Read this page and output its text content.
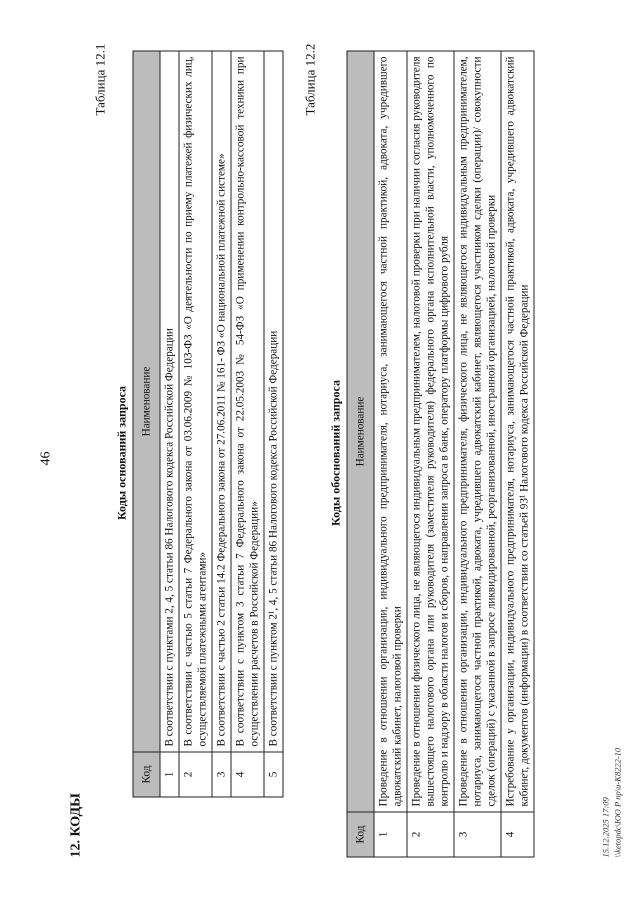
46
12. КОДЫ
Таблица 12.1
Коды оснований запроса
Код	Наименование
1	В соответствии с пунктами 2, 4, 5 статьи 86 Налогового кодекса Российской Федерации
2	В соответствии с частью 5 статьи 7 Федерального закона от 03.06.2009 № 103-ФЗ «О деятельности по приему платежей физических лиц, осуществляемой платежными агентами»
3	В соответствии с частью 2 статьи 14.2 Федерального закона от 27.06.2011 № 161- ФЗ «О национальной платежной системе»
4	В соответствии с пунктом 3 статьи 7 Федерального закона от 22.05.2003 № 54-ФЗ «О применении контрольно-кассовой техники при осуществлении расчетов в Российской Федерации»
5	В соответствии с пунктом 2¹, 4, 5 статьи 86 Налогового кодекса Российской Федерации
Таблица 12.2
Коды обоснований запроса
Код	Наименование
1	Проведение в отношении организации, индивидуального предпринимателя, нотариуса, занимающегося частной практикой, адвоката, учредившего адвокатский кабинет, налоговой проверки
2	Проведение в отношении физического лица, не являющегося индивидуальным предпринимателем, налоговой проверки при наличии согласия руководителя вышестоящего налогового органа или руководителя (заместителя руководителя) федерального органа исполнительной власти, уполномоченного по контролю и надзору в области налогов и сборов, о направлении запроса в банк, оператору платформы цифрового рубля
3	Проведение в отношении организации, индивидуального предпринимателя, физического лица, не являющегося индивидуальным предпринимателем, нотариуса, занимающегося частной практикой, адвоката, учредившего адвокатский кабинет, являющегося участником сделки (операции)/ совокупности сделок (операций) с указанной в запросе ликвидированной, реорганизованной, иностранной организацией, налоговой проверки
4	Истребование у организации, индивидуального предпринимателя, нотариуса, занимающегося частной практикой, адвоката, учредившего адвокатский кабинет, документов (информации) в соответствии со статьей 93¹ Налогового кодекса Российской Федерации
15.12.2025 17:09 \\ketopdc\ЮО Р пр\и-К8222-10
